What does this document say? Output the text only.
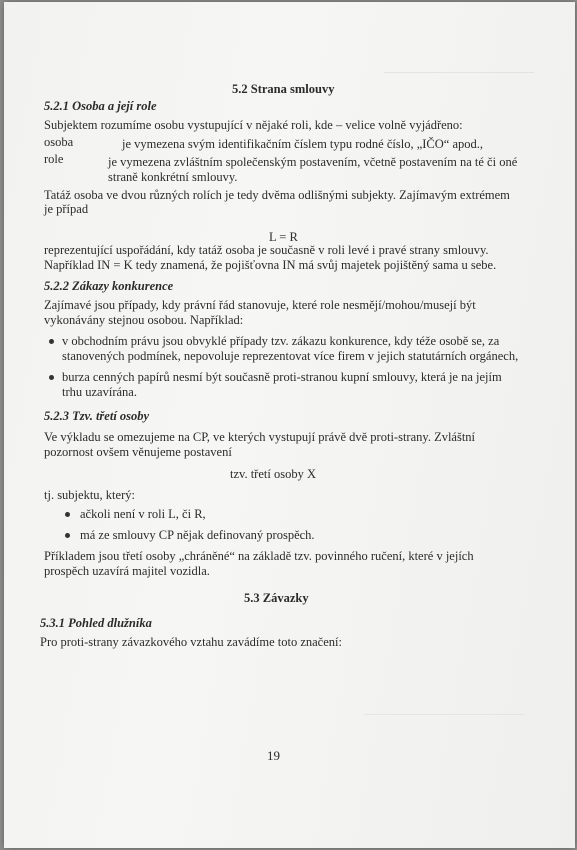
5.2 Strana smlouvy
5.2.1 Osoba a její role
Subjektem rozumíme osobu vystupující v nějaké roli, kde – velice volně vyjádřeno:
osoba	je vymezena svým identifikačním číslem typu rodné číslo, „IČO“ apod.,
role	je vymezena zvláštním společenským postavením, včetně postavením na té či oné
straně konkrétní smlouvy.
Tatáž osoba ve dvou různých rolích je tedy dvěma odlišnými subjekty. Zajímavým extrémem
je případ
L = R
reprezentující uspořádání, kdy tatáž osoba je současně v roli levé i pravé strany smlouvy.
Například IN = K tedy znamená, že pojišťovna IN má svůj majetek pojištěný sama u sebe.
5.2.2 Zákazy konkurence
Zajímavé jsou případy, kdy právní řád stanovuje, které role nesmějí/mohou/musejí být
vykonávány stejnou osobou. Například:
v obchodním právu jsou obvyklé případy tzv. zákazu konkurence, kdy téže osobě se, za
stanovených podmínek, nepovoluje reprezentovat více firem v jejich statutárních orgánech,
burza cenných papírů nesmí být současně proti-stranou kupní smlouvy, která je na jejím
trhu uzavírána.
5.2.3 Tzv. třetí osoby
Ve výkladu se omezujeme na CP, ve kterých vystupují právě dvě proti-strany. Zvláštní
pozornost ovšem věnujeme postavení
tzv. třetí osoby X
tj. subjektu, který:
ačkoli není v roli L, či R,
má ze smlouvy CP nějak definovaný prospěch.
Příkladem jsou třetí osoby „chráněné“ na základě tzv. povinného ručení, které v jejích
prospěch uzavírá majitel vozidla.
5.3 Závazky
5.3.1 Pohled dlužníka
Pro proti-strany závazkového vztahu zavádíme toto značení:
19
